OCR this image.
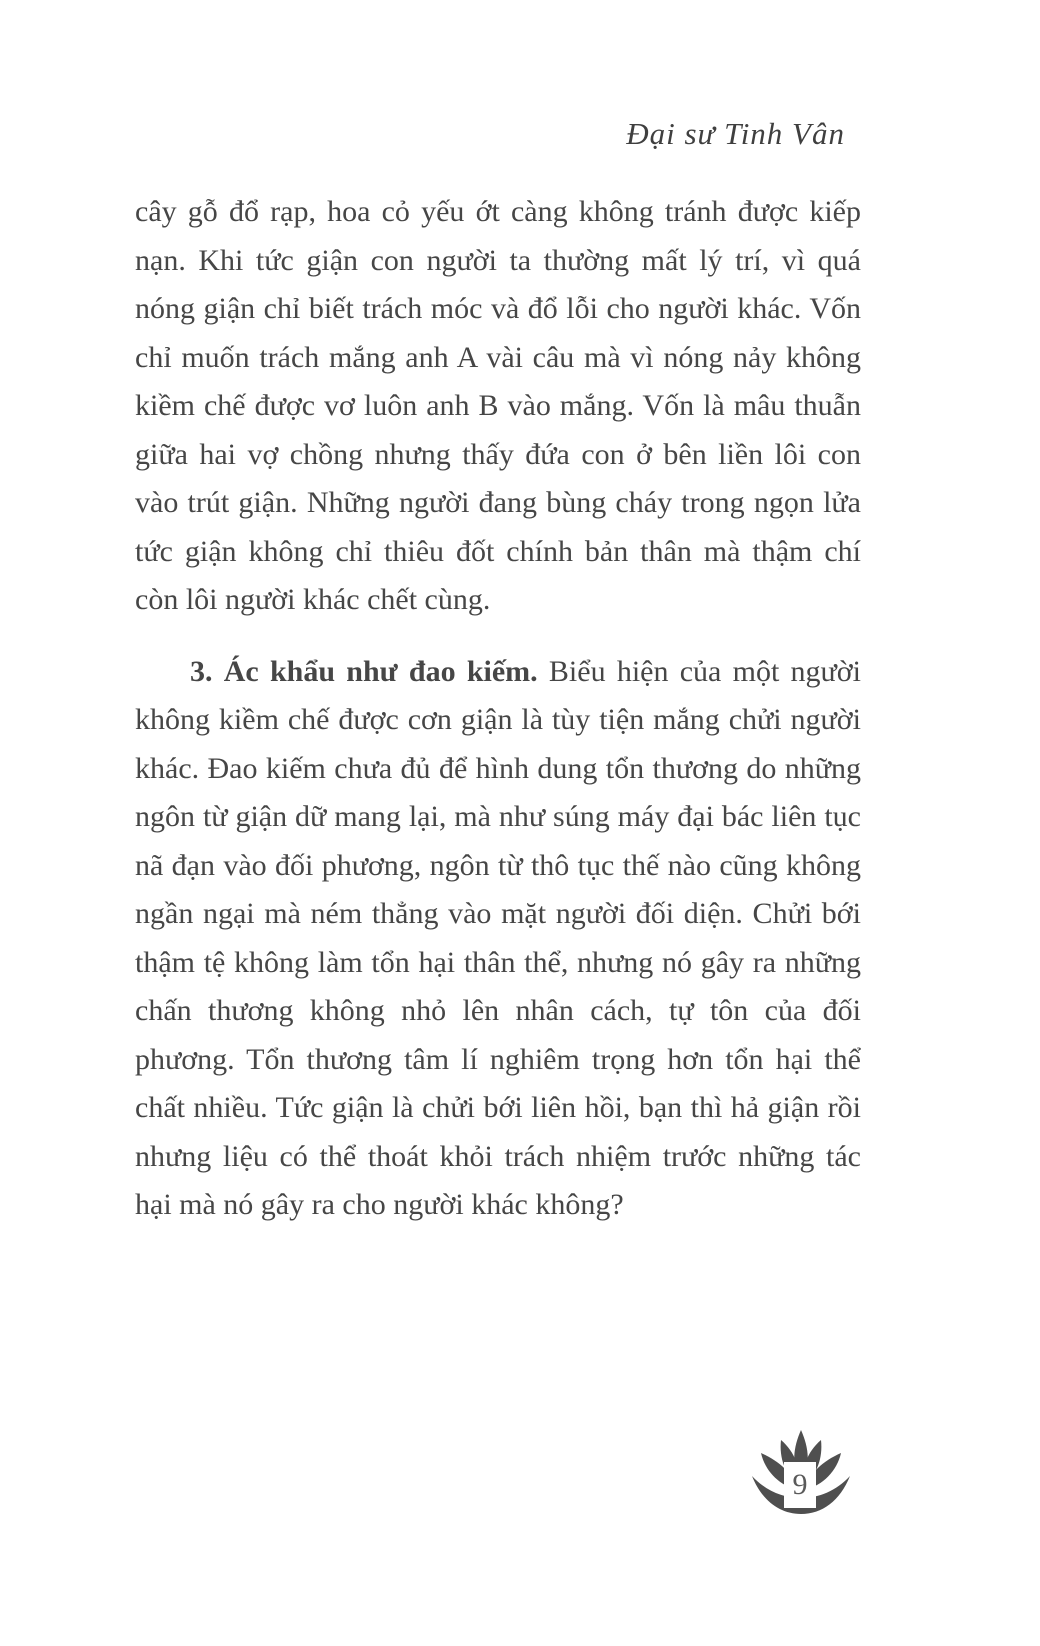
Đại sư Tinh Vân

cây gỗ đổ rạp, hoa cỏ yếu ớt càng không tránh được kiếp nạn. Khi tức giận con người ta thường mất lý trí, vì quá nóng giận chỉ biết trách móc và đổ lỗi cho người khác. Vốn chỉ muốn trách mắng anh A vài câu mà vì nóng nảy không kiềm chế được vơ luôn anh B vào mắng. Vốn là mâu thuẫn giữa hai vợ chồng nhưng thấy đứa con ở bên liền lôi con vào trút giận. Những người đang bùng cháy trong ngọn lửa tức giận không chỉ thiêu đốt chính bản thân mà thậm chí còn lôi người khác chết cùng.

3. Ác khẩu như đao kiếm. Biểu hiện của một người không kiềm chế được cơn giận là tùy tiện mắng chửi người khác. Đao kiếm chưa đủ để hình dung tổn thương do những ngôn từ giận dữ mang lại, mà như súng máy đại bác liên tục nã đạn vào đối phương, ngôn từ thô tục thế nào cũng không ngần ngại mà ném thẳng vào mặt người đối diện. Chửi bới thậm tệ không làm tổn hại thân thể, nhưng nó gây ra những chấn thương không nhỏ lên nhân cách, tự tôn của đối phương. Tổn thương tâm lí nghiêm trọng hơn tổn hại thể chất nhiều. Tức giận là chửi bới liên hồi, bạn thì hả giận rồi nhưng liệu có thể thoát khỏi trách nhiệm trước những tác hại mà nó gây ra cho người khác không?

9
